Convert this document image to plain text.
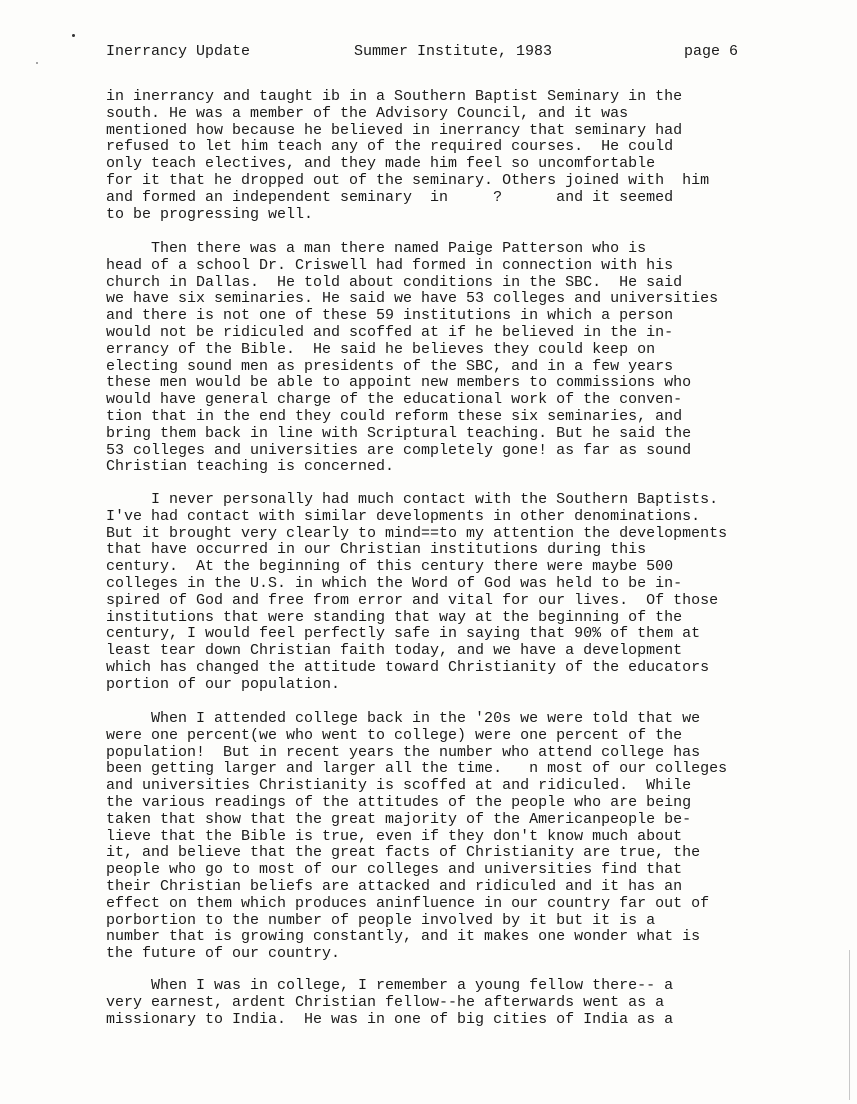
Inerrancy Update	Summer Institute, 1983	page 6
in inerrancy and taught ib in a Southern Baptist Seminary in the
south. He was a member of the Advisory Council, and it was
mentioned how because he believed in inerrancy that seminary had
refused to let him teach any of the required courses.  He could
only teach electives, and they made him feel so uncomfortable
for it that he dropped out of the seminary. Others joined with  him
and formed an independent seminary  in     ?      and it seemed
to be progressing well.
Then there was a man there named Paige Patterson who is
head of a school Dr. Criswell had formed in connection with his
church in Dallas.  He told about conditions in the SBC.  He said
we have six seminaries. He said we have 53 colleges and universities
and there is not one of these 59 institutions in which a person
would not be ridiculed and scoffed at if he believed in the in-
errancy of the Bible.  He said he believes they could keep on
electing sound men as presidents of the SBC, and in a few years
these men would be able to appoint new members to commissions who
would have general charge of the educational work of the conven-
tion that in the end they could reform these six seminaries, and
bring them back in line with Scriptural teaching. But he said the
53 colleges and universities are completely gone! as far as sound
Christian teaching is concerned.
I never personally had much contact with the Southern Baptists.
I've had contact with similar developments in other denominations.
But it brought very clearly to mind==to my attention the developments
that have occurred in our Christian institutions during this
century.  At the beginning of this century there were maybe 500
colleges in the U.S. in which the Word of God was held to be in-
spired of God and free from error and vital for our lives.  Of those
institutions that were standing that way at the beginning of the
century, I would feel perfectly safe in saying that 90% of them at
least tear down Christian faith today, and we have a development
which has changed the attitude toward Christianity of the educators
portion of our population.
When I attended college back in the '20s we were told that we
were one percent(we who went to college) were one percent of the
population!  But in recent years the number who attend college has
been getting larger and larger all the time.   n most of our colleges
and universities Christianity is scoffed at and ridiculed.  While
the various readings of the attitudes of the people who are being
taken that show that the great majority of the Americanpeople be-
lieve that the Bible is true, even if they don't know much about
it, and believe that the great facts of Christianity are true, the
people who go to most of our colleges and universities find that
their Christian beliefs are attacked and ridiculed and it has an
effect on them which produces aninfluence in our country far out of
porbortion to the number of people involved by it but it is a
number that is growing constantly, and it makes one wonder what is
the future of our country.
When I was in college, I remember a young fellow there-- a
very earnest, ardent Christian fellow--he afterwards went as a
missionary to India.  He was in one of big cities of India as a
